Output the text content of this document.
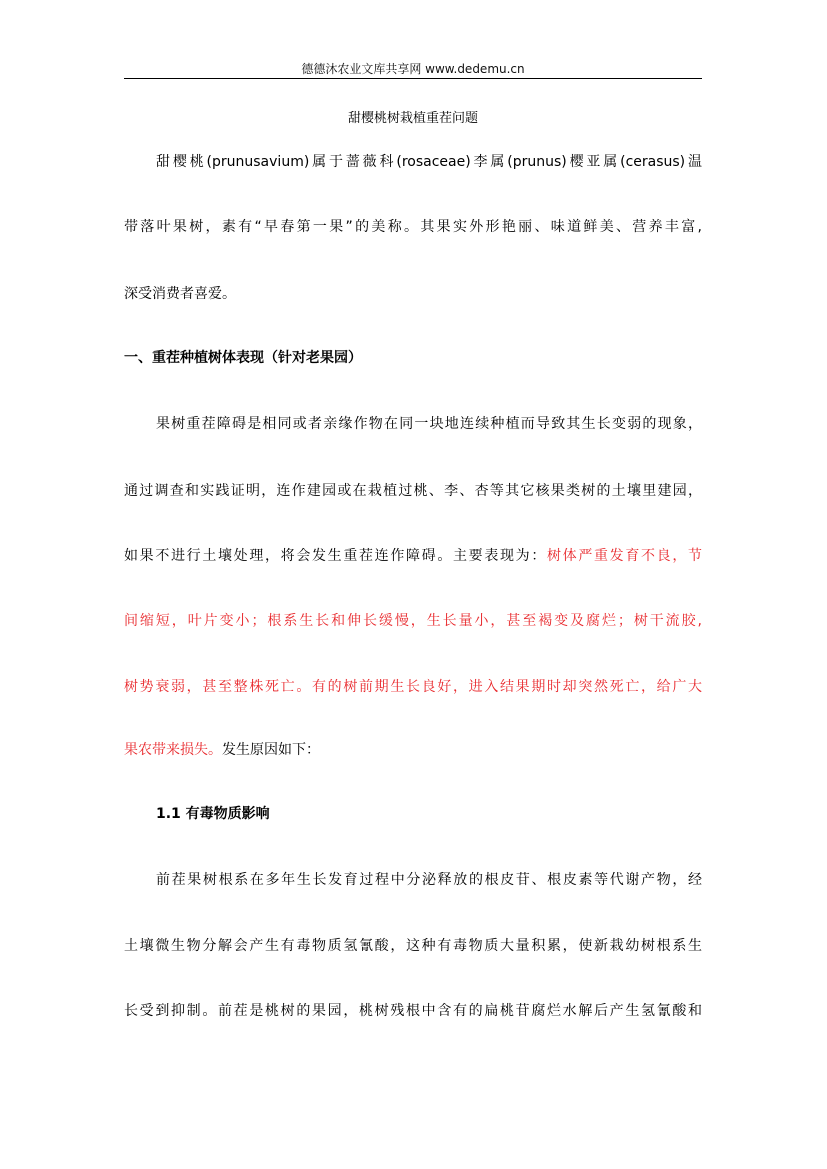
德德沐农业文库共享网 www.dedemu.cn
甜樱桃树栽植重茬问题
甜樱桃(prunusavium)属于蔷薇科(rosaceae)李属(prunus)樱亚属(cerasus)温
带落叶果树，素有“早春第一果”的美称。其果实外形艳丽、味道鲜美、营养丰富,
深受消费者喜爱。
一、重茬种植树体表现（针对老果园）
果树重茬障碍是相同或者亲缘作物在同一块地连续种植而导致其生长变弱的现象，
通过调查和实践证明，连作建园或在栽植过桃、李、杏等其它核果类树的土壤里建园，
如果不进行土壤处理，将会发生重茬连作障碍。主要表现为：树体严重发育不良，节
间缩短，叶片变小；根系生长和伸长缓慢，生长量小，甚至褐变及腐烂；树干流胶,
树势衰弱，甚至整株死亡。有的树前期生长良好，进入结果期时却突然死亡，给广大
果农带来损失。发生原因如下：
1.1 有毒物质影响
前茬果树根系在多年生长发育过程中分泌释放的根皮苷、根皮素等代谢产物，经
土壤微生物分解会产生有毒物质氢氰酸，这种有毒物质大量积累，使新栽幼树根系生
长受到抑制。前茬是桃树的果园，桃树残根中含有的扁桃苷腐烂水解后产生氢氰酸和
